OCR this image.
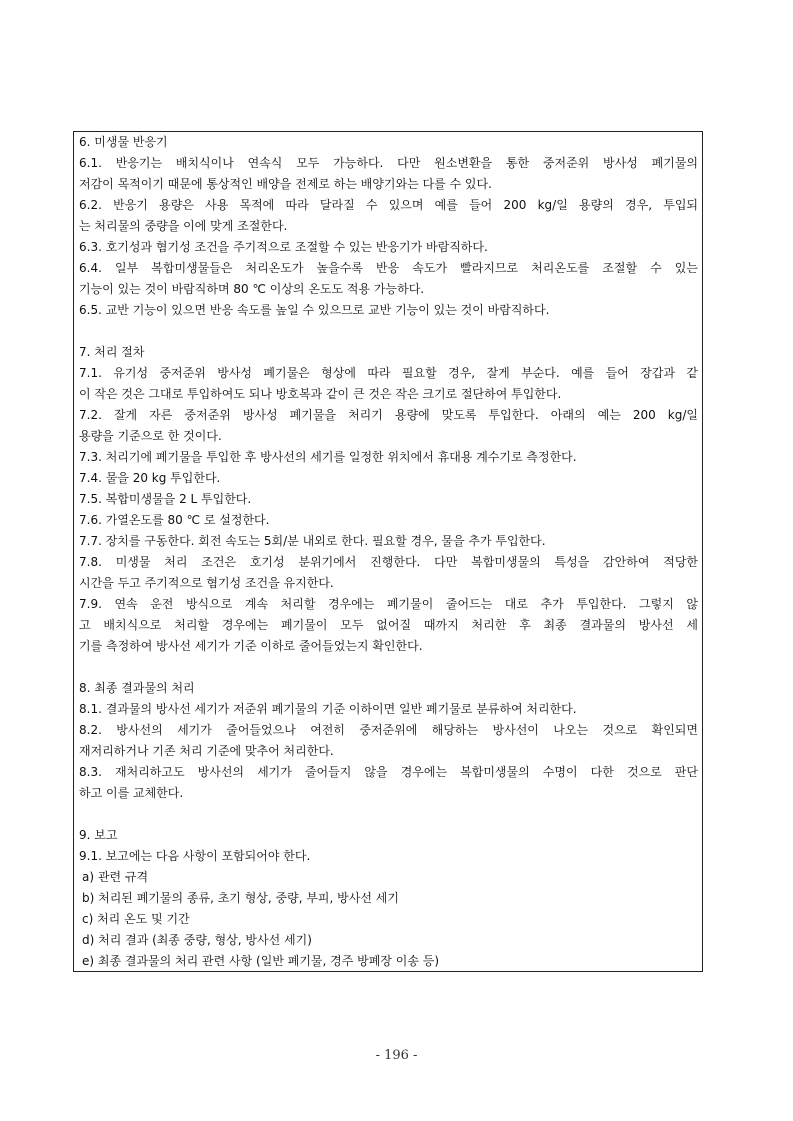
6. 미생물 반응기
6.1. 반응기는 배치식이나 연속식 모두 가능하다. 다만 원소변환을 통한 중저준위 방사성 폐기물의
저감이 목적이기 때문에 통상적인 배양을 전제로 하는 배양기와는 다를 수 있다.
6.2. 반응기 용량은 사용 목적에 따라 달라질 수 있으며 예를 들어 200 kg/일 용량의 경우, 투입되
는 처리물의 중량을 이에 맞게 조절한다.
6.3. 호기성과 혐기성 조건을 주기적으로 조절할 수 있는 반응기가 바람직하다.
6.4. 일부 복합미생물들은 처리온도가 높을수록 반응 속도가 빨라지므로 처리온도를 조절할 수 있는
기능이 있는 것이 바람직하며 80 ℃ 이상의 온도도 적용 가능하다.
6.5. 교반 기능이 있으면 반응 속도를 높일 수 있으므로 교반 기능이 있는 것이 바람직하다.
7. 처리 절차
7.1. 유기성 중저준위 방사성 폐기물은 형상에 따라 필요할 경우, 잘게 부순다. 예를 들어 장갑과 같
이 작은 것은 그대로 투입하여도 되나 방호복과 같이 큰 것은 작은 크기로 절단하여 투입한다.
7.2. 잘게 자른 중저준위 방사성 폐기물을 처리기 용량에 맞도록 투입한다. 아래의 예는 200 kg/일
용량을 기준으로 한 것이다.
7.3. 처리기에 폐기물을 투입한 후 방사선의 세기를 일정한 위치에서 휴대용 계수기로 측정한다.
7.4. 물을 20 kg 투입한다.
7.5. 복합미생물을 2 L 투입한다.
7.6. 가열온도를 80 ℃ 로 설정한다.
7.7. 장치를 구동한다. 회전 속도는 5회/분 내외로 한다. 필요할 경우, 물을 추가 투입한다.
7.8. 미생물 처리 조건은 호기성 분위기에서 진행한다. 다만 복합미생물의 특성을 감안하여 적당한
시간을 두고 주기적으로 혐기성 조건을 유지한다.
7.9. 연속 운전 방식으로 계속 처리할 경우에는 폐기물이 줄어드는 대로 추가 투입한다. 그렇지 않
고 배치식으로 처리할 경우에는 폐기물이 모두 없어질 때까지 처리한 후 최종 결과물의 방사선 세
기를 측정하여 방사선 세기가 기준 이하로 줄어들었는지 확인한다.
8. 최종 결과물의 처리
8.1. 결과물의 방사선 세기가 저준위 폐기물의 기준 이하이면 일반 폐기물로 분류하여 처리한다.
8.2. 방사선의 세기가 줄어들었으나 여전히 중저준위에 해당하는 방사선이 나오는 것으로 확인되면
재저리하거나 기존 처리 기준에 맞추어 처리한다.
8.3. 재처리하고도 방사선의 세기가 줄어들지 않을 경우에는 복합미생물의 수명이 다한 것으로 판단
하고 이를 교체한다.
9. 보고
9.1. 보고에는 다음 사항이 포함되어야 한다.
a) 관련 규격
b) 처리된 폐기물의 종류, 초기 형상, 중량, 부피, 방사선 세기
c) 처리 온도 및 기간
d) 처리 결과 (최종 중량, 형상, 방사선 세기)
e) 최종 결과물의 처리 관련 사항 (일반 폐기물, 경주 방폐장 이송 등)
- 196 -
